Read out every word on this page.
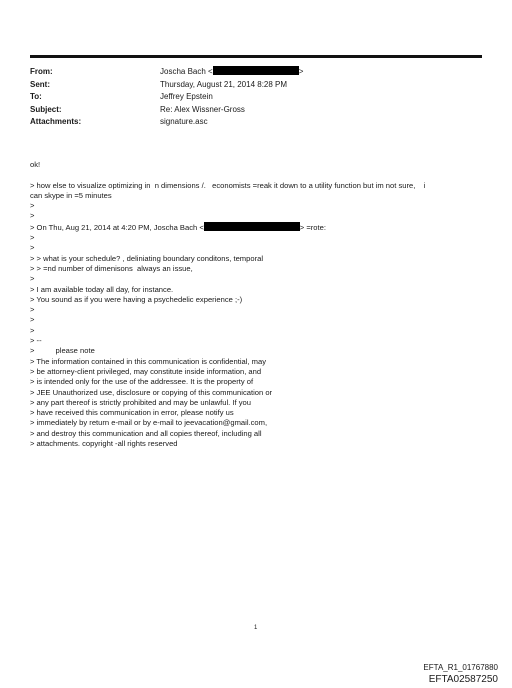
From:	Joscha Bach <	>
Sent:	Thursday, August 21, 2014 8:28 PM
To:	Jeffrey Epstein
Subject:	Re: Alex Wissner-Gross
Attachments:	signature.asc
ok!
> how else to visualize optimizing in  n dimensions /.   economists =reak it down to a utility function but im not sure,    i
can skype in =5 minutes
>
>
> On Thu, Aug 21, 2014 at 4:20 PM, Joscha Bach <	> =rote:
>
>
> > what is your schedule? , deliniating boundary conditons, temporal
> > =nd number of dimenisons  always an issue,
>
> I am available today all day, for instance.
> You sound as if you were having a psychedelic experience ;-)
>
>
>
> --
>          please note
> The information contained in this communication is confidential, may
> be attorney-client privileged, may constitute inside information, and
> is intended only for the use of the addressee. It is the property of
> JEE Unauthorized use, disclosure or copying of this communication or
> any part thereof is strictly prohibited and may be unlawful. If you
> have received this communication in error, please notify us
> immediately by return e-mail or by e-mail to jeevacation@gmail.com,
> and destroy this communication and all copies thereof, including all
> attachments. copyright -all rights reserved
1
EFTA_R1_01767880
EFTA02587250
